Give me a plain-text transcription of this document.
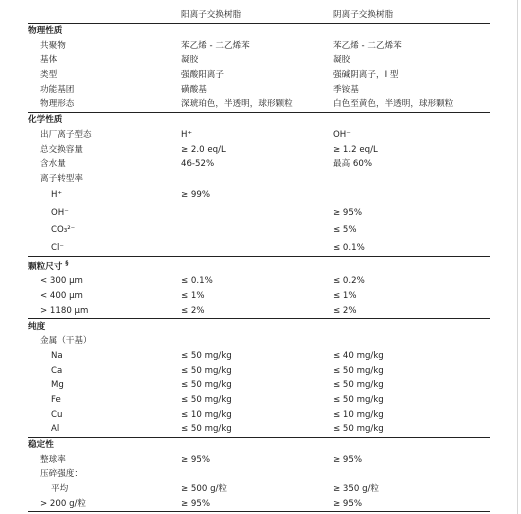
	阳离子交换树脂	阴离子交换树脂
物理性质		
共聚物	苯乙烯 - 二乙烯苯	苯乙烯 - 二乙烯苯
基体	凝胶	凝胶
类型	强酸阳离子	强碱阴离子，I 型
功能基团	磺酸基	季铵基
物理形态	深琥珀色，半透明，球形颗粒	白色至黄色，半透明，球形颗粒
化学性质		
出厂离子型态	H⁺	OH⁻
总交换容量	≥ 2.0 eq/L	≥ 1.2 eq/L
含水量	46-52%	最高 60%
离子转型率		
H⁺	≥ 99%	
OH⁻		≥ 95%
CO₃²⁻		≤ 5%
Cl⁻		≤ 0.1%
颗粒尺寸 §
< 300 µm	≤ 0.1%	≤ 0.2%
< 400 µm	≤ 1%	≤ 1%
> 1180 µm	≤ 2%	≤ 2%
纯度		
金属（干基）		
Na	≤ 50 mg/kg	≤ 40 mg/kg
Ca	≤ 50 mg/kg	≤ 50 mg/kg
Mg	≤ 50 mg/kg	≤ 50 mg/kg
Fe	≤ 50 mg/kg	≤ 50 mg/kg
Cu	≤ 10 mg/kg	≤ 10 mg/kg
Al	≤ 50 mg/kg	≤ 50 mg/kg
稳定性		
整球率	≥ 95%	≥ 95%
压碎强度：		
平均	≥ 500 g/粒	≥ 350 g/粒
> 200 g/粒	≥ 95%	≥ 95%
